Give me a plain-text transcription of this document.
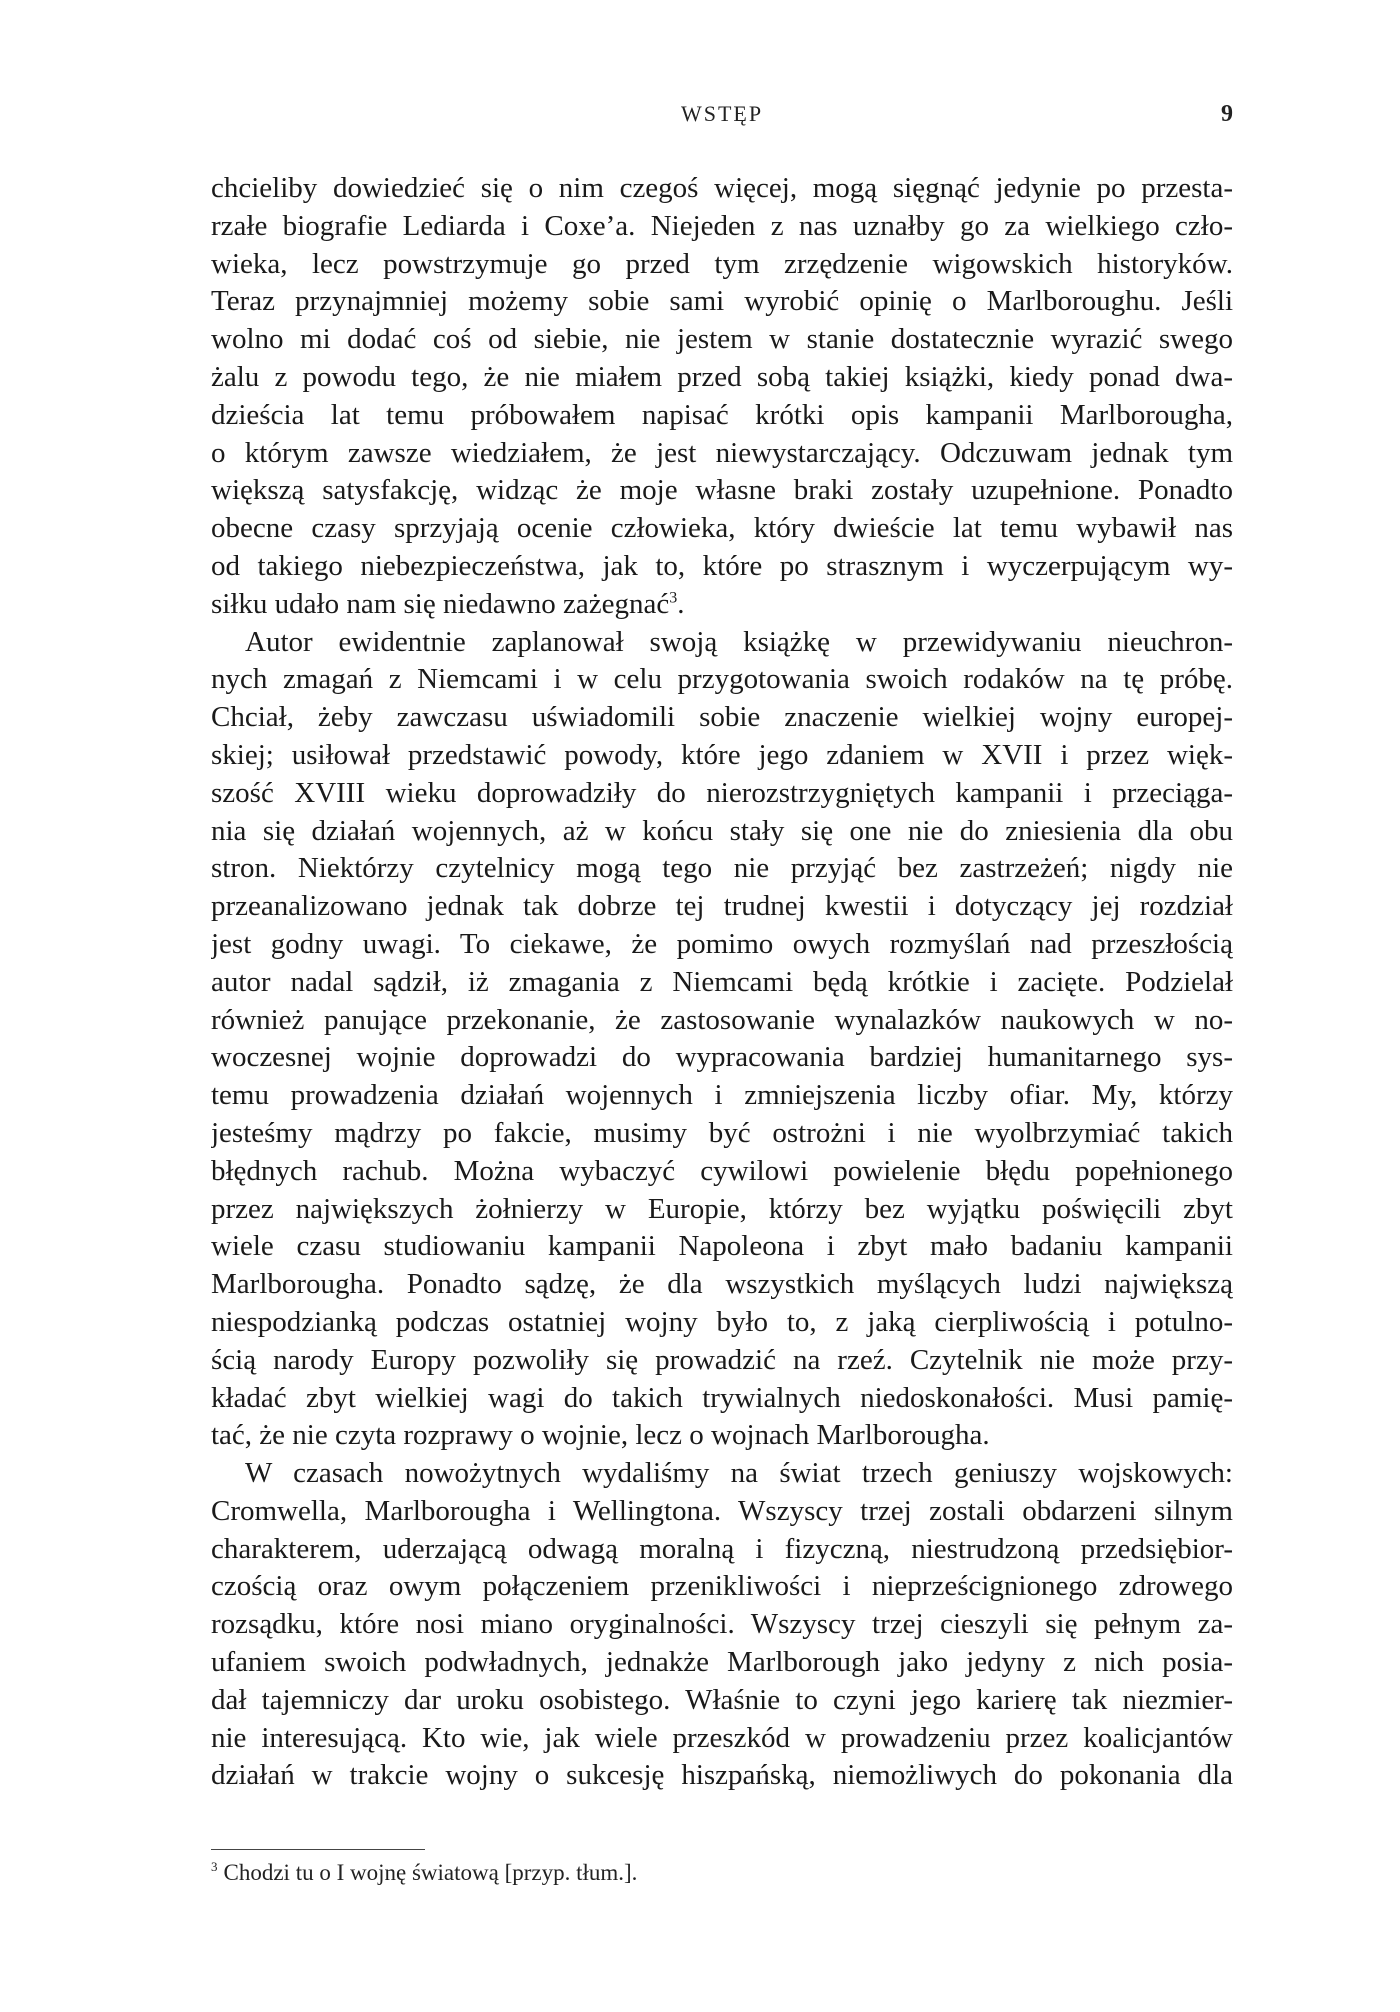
WSTĘP	9
chcieliby dowiedzieć się o nim czegoś więcej, mogą sięgnąć jedynie po przesta-
rzałe biografie Lediarda i Coxe’a. Niejeden z nas uznałby go za wielkiego czło-
wieka, lecz powstrzymuje go przed tym zrzędzenie wigowskich historyków.
Teraz przynajmniej możemy sobie sami wyrobić opinię o Marlboroughu. Jeśli
wolno mi dodać coś od siebie, nie jestem w stanie dostatecznie wyrazić swego
żalu z powodu tego, że nie miałem przed sobą takiej książki, kiedy ponad dwa-
dzieścia lat temu próbowałem napisać krótki opis kampanii Marlborougha,
o którym zawsze wiedziałem, że jest niewystarczający. Odczuwam jednak tym
większą satysfakcję, widząc że moje własne braki zostały uzupełnione. Ponadto
obecne czasy sprzyjają ocenie człowieka, który dwieście lat temu wybawił nas
od takiego niebezpieczeństwa, jak to, które po strasznym i wyczerpującym wy-
siłku udało nam się niedawno zażegnać$^3$.
Autor ewidentnie zaplanował swoją książkę w przewidywaniu nieuchron-
nych zmagań z Niemcami i w celu przygotowania swoich rodaków na tę próbę.
Chciał, żeby zawczasu uświadomili sobie znaczenie wielkiej wojny europej-
skiej; usiłował przedstawić powody, które jego zdaniem w XVII i przez więk-
szość XVIII wieku doprowadziły do nierozstrzygniętych kampanii i przeciąga-
nia się działań wojennych, aż w końcu stały się one nie do zniesienia dla obu
stron. Niektórzy czytelnicy mogą tego nie przyjąć bez zastrzeżeń; nigdy nie
przeanalizowano jednak tak dobrze tej trudnej kwestii i dotyczący jej rozdział
jest godny uwagi. To ciekawe, że pomimo owych rozmyślań nad przeszłością
autor nadal sądził, iż zmagania z Niemcami będą krótkie i zacięte. Podzielał
również panujące przekonanie, że zastosowanie wynalazków naukowych w no-
woczesnej wojnie doprowadzi do wypracowania bardziej humanitarnego sys-
temu prowadzenia działań wojennych i zmniejszenia liczby ofiar. My, którzy
jesteśmy mądrzy po fakcie, musimy być ostrożni i nie wyolbrzymiać takich
błędnych rachub. Można wybaczyć cywilowi powielenie błędu popełnionego
przez największych żołnierzy w Europie, którzy bez wyjątku poświęcili zbyt
wiele czasu studiowaniu kampanii Napoleona i zbyt mało badaniu kampanii
Marlborougha. Ponadto sądzę, że dla wszystkich myślących ludzi największą
niespodzianką podczas ostatniej wojny było to, z jaką cierpliwością i potulno-
ścią narody Europy pozwoliły się prowadzić na rzeź. Czytelnik nie może przy-
kładać zbyt wielkiej wagi do takich trywialnych niedoskonałości. Musi pamię-
tać, że nie czyta rozprawy o wojnie, lecz o wojnach Marlborougha.
W czasach nowożytnych wydaliśmy na świat trzech geniuszy wojskowych:
Cromwella, Marlborougha i Wellingtona. Wszyscy trzej zostali obdarzeni silnym
charakterem, uderzającą odwagą moralną i fizyczną, niestrudzoną przedsiębior-
czością oraz owym połączeniem przenikliwości i nieprześcignionego zdrowego
rozsądku, które nosi miano oryginalności. Wszyscy trzej cieszyli się pełnym za-
ufaniem swoich podwładnych, jednakże Marlborough jako jedyny z nich posia-
dał tajemniczy dar uroku osobistego. Właśnie to czyni jego karierę tak niezmier-
nie interesującą. Kto wie, jak wiele przeszkód w prowadzeniu przez koalicjantów
działań w trakcie wojny o sukcesję hiszpańską, niemożliwych do pokonania dla
$^3$ Chodzi tu o I wojnę światową [przyp. tłum.].
